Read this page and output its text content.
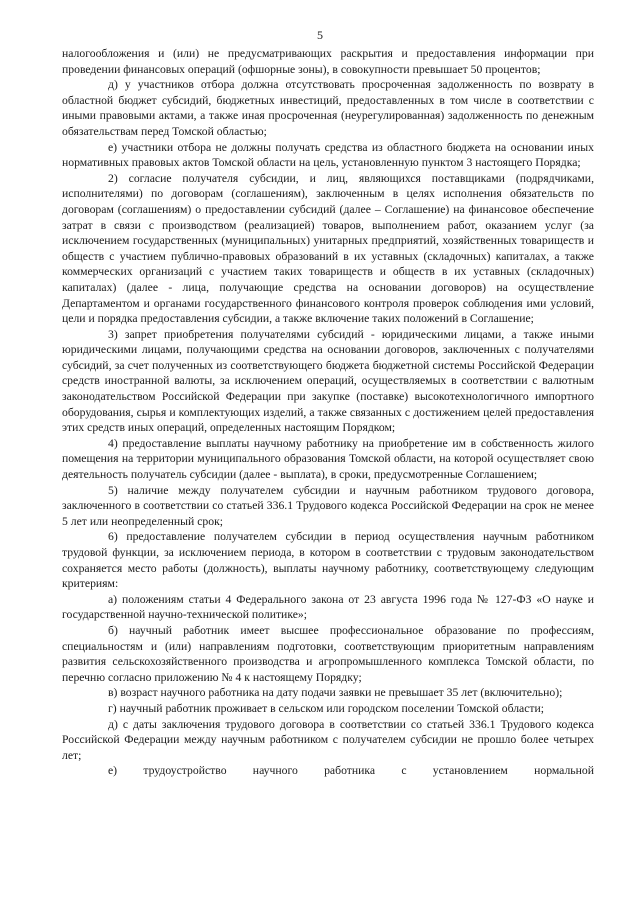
5

налогообложения и (или) не предусматривающих раскрытия и предоставления информации при проведении финансовых операций (офшорные зоны), в совокупности превышает 50 процентов;

д) у участников отбора должна отсутствовать просроченная задолженность по возврату в областной бюджет субсидий, бюджетных инвестиций, предоставленных в том числе в соответствии с иными правовыми актами, а также иная просроченная (неурегулированная) задолженность по денежным обязательствам перед Томской областью;

е) участники отбора не должны получать средства из областного бюджета на основании иных нормативных правовых актов Томской области на цель, установленную пунктом 3 настоящего Порядка;

2) согласие получателя субсидии, и лиц, являющихся поставщиками (подрядчиками, исполнителями) по договорам (соглашениям), заключенным в целях исполнения обязательств по договорам (соглашениям) о предоставлении субсидий (далее – Соглашение) на финансовое обеспечение затрат в связи с производством (реализацией) товаров, выполнением работ, оказанием услуг (за исключением государственных (муниципальных) унитарных предприятий, хозяйственных товариществ и обществ с участием публично-правовых образований в их уставных (складочных) капиталах, а также коммерческих организаций с участием таких товариществ и обществ в их уставных (складочных) капиталах) (далее - лица, получающие средства на основании договоров) на осуществление Департаментом и органами государственного финансового контроля проверок соблюдения ими условий, цели и порядка предоставления субсидии, а также включение таких положений в Соглашение;

3) запрет приобретения получателями субсидий - юридическими лицами, а также иными юридическими лицами, получающими средства на основании договоров, заключенных с получателями субсидий, за счет полученных из соответствующего бюджета бюджетной системы Российской Федерации средств иностранной валюты, за исключением операций, осуществляемых в соответствии с валютным законодательством Российской Федерации при закупке (поставке) высокотехнологичного импортного оборудования, сырья и комплектующих изделий, а также связанных с достижением целей предоставления этих средств иных операций, определенных настоящим Порядком;

4) предоставление выплаты научному работнику на приобретение им в собственность жилого помещения на территории муниципального образования Томской области, на которой осуществляет свою деятельность получатель субсидии (далее - выплата), в сроки, предусмотренные Соглашением;

5) наличие между получателем субсидии и научным работником трудового договора, заключенного в соответствии со статьей 336.1 Трудового кодекса Российской Федерации на срок не менее 5 лет или неопределенный срок;

6) предоставление получателем субсидии в период осуществления научным работником трудовой функции, за исключением периода, в котором в соответствии с трудовым законодательством сохраняется место работы (должность), выплаты научному работнику, соответствующему следующим критериям:

а) положениям статьи 4 Федерального закона от 23 августа 1996 года № 127-ФЗ «О науке и государственной научно-технической политике»;

б) научный работник имеет высшее профессиональное образование по профессиям, специальностям и (или) направлениям подготовки, соответствующим приоритетным направлениям развития сельскохозяйственного производства и агропромышленного комплекса Томской области, по перечню согласно приложению № 4 к настоящему Порядку;

в) возраст научного работника на дату подачи заявки не превышает 35 лет (включительно);

г) научный работник проживает в сельском или городском поселении Томской области;

д) с даты заключения трудового договора в соответствии со статьей 336.1 Трудового кодекса Российской Федерации между научным работником с получателем субсидии не прошло более четырех лет;

е) трудоустройство научного работника с установлением нормальной
